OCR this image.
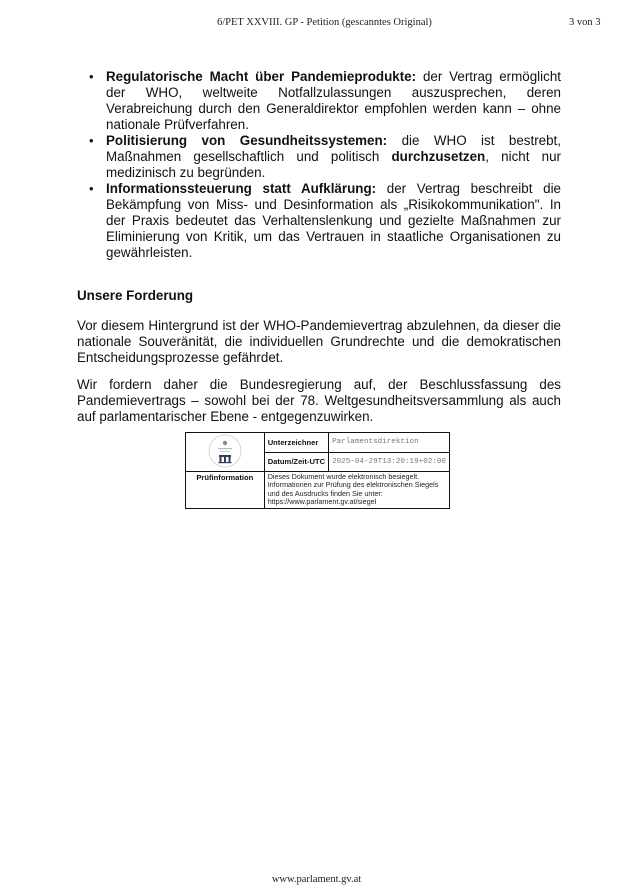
6/PET XXVIII. GP - Petition (gescanntes Original)	3 von 3
• Regulatorische Macht über Pandemieprodukte: der Vertrag ermöglicht der WHO, weltweite Notfallzulassungen auszusprechen, deren Verabreichung durch den Generaldirektor empfohlen werden kann – ohne nationale Prüfverfahren.
• Politisierung von Gesundheitssystemen: die WHO ist bestrebt, Maßnahmen gesellschaftlich und politisch durchzusetzen, nicht nur medizinisch zu begründen.
• Informationssteuerung statt Aufklärung: der Vertrag beschreibt die Bekämpfung von Miss- und Desinformation als „Risikokommunikation". In der Praxis bedeutet das Verhaltenslenkung und gezielte Maßnahmen zur Eliminierung von Kritik, um das Vertrauen in staatliche Organisationen zu gewährleisten.
Unsere Forderung
Vor diesem Hintergrund ist der WHO-Pandemievertrag abzulehnen, da dieser die nationale Souveränität, die individuellen Grundrechte und die demokratischen Entscheidungsprozesse gefährdet.
Wir fordern daher die Bundesregierung auf, der Beschlussfassung des Pandemievertrags – sowohl bei der 78. Weltgesundheitsversammlung als auch auf parlamentarischer Ebene - entgegenzuwirken.
	Unterzeichner	Parlamentsdirektion
	Datum/Zeit-UTC	2025-04-29T13:20:19+02:00
Prüfinformation	Dieses Dokument wurde elektronisch besiegelt. Informationen zur Prüfung des elektronischen Siegels und des Ausdrucks finden Sie unter: https://www.parlament.gv.at/siegel	
www.parlament.gv.at
